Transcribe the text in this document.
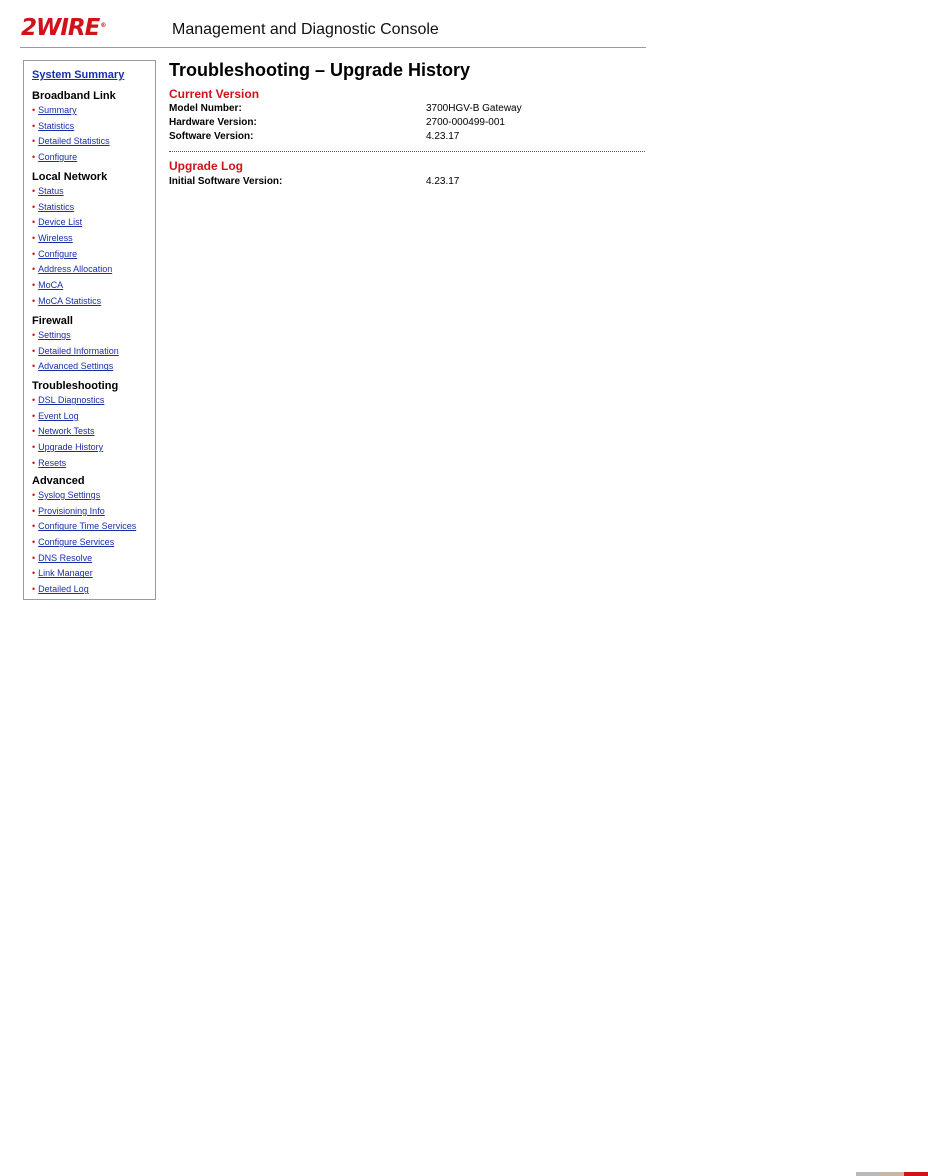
2WIRE®	Management and Diagnostic Console
System Summary
Broadband Link
• Summary
• Statistics
• Detailed Statistics
• Configure
Local Network
• Status
• Statistics
• Device List
• Wireless
• Configure
• Address Allocation
• MoCA
• MoCA Statistics
Firewall
• Settings
• Detailed Information
• Advanced Settings
Troubleshooting
• DSL Diagnostics
• Event Log
• Network Tests
• Upgrade History
• Resets
Advanced
• Syslog Settings
• Provisioning Info
• Configure Time Services
• Configure Services
• DNS Resolve
• Link Manager
• Detailed Log
Troubleshooting – Upgrade History
Current Version
Model Number:	3700HGV-B Gateway
Hardware Version:	2700-000499-001
Software Version:	4.23.17
Upgrade Log
Initial Software Version:	4.23.17
